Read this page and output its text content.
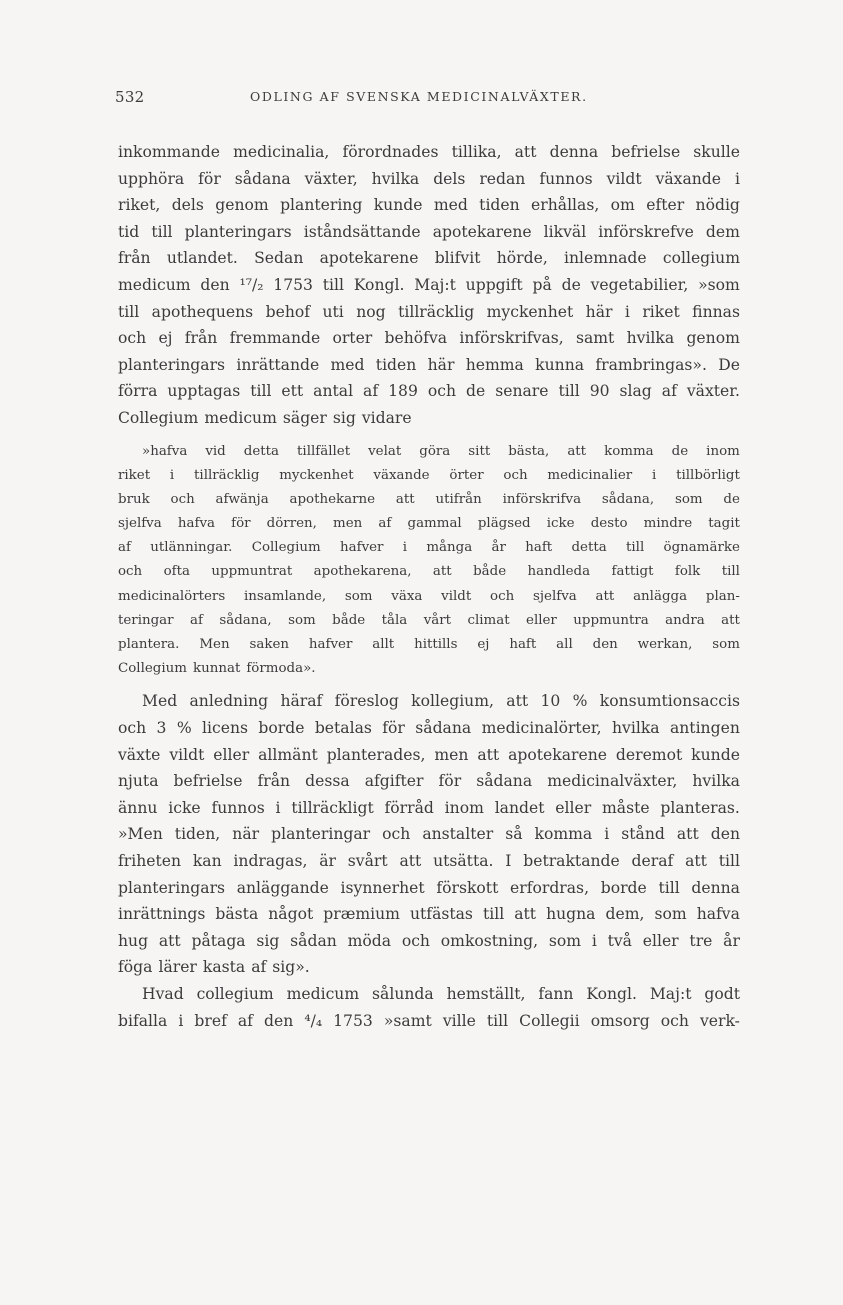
532	ODLING AF SVENSKA MEDICINALVÄXTER.
inkommande medicinalia, förordnades tillika, att denna befrielse skulle
upphöra för sådana växter, hvilka dels redan funnos vildt växande i
riket, dels genom plantering kunde med tiden erhållas, om efter nödig
tid till planteringars iståndsättande apotekarene likväl införskrefve dem
från utlandet. Sedan apotekarene blifvit hörde, inlemnade collegium
medicum den ¹⁷/₂ 1753 till Kongl. Maj:t uppgift på de vegetabilier, »som
till apothequens behof uti nog tillräcklig myckenhet här i riket finnas
och ej från fremmande orter behöfva införskrifvas, samt hvilka genom
planteringars inrättande med tiden här hemma kunna frambringas». De
förra upptagas till ett antal af 189 och de senare till 90 slag af växter.
Collegium medicum säger sig vidare
»hafva vid detta tillfället velat göra sitt bästa, att komma de inom
riket i tillräcklig myckenhet växande örter och medicinalier i tillbörligt
bruk och afwänja apothekarne att utifrån införskrifva sådana, som de
sjelfva hafva för dörren, men af gammal plägsed icke desto mindre tagit
af utlänningar. Collegium hafver i många år haft detta till ögnamärke
och ofta uppmuntrat apothekarena, att både handleda fattigt folk till
medicinalörters insamlande, som växa vildt och sjelfva att anlägga plan-
teringar af sådana, som både tåla vårt climat eller uppmuntra andra att
plantera. Men saken hafver allt hittills ej haft all den werkan, som
Collegium kunnat förmoda».
Med anledning häraf föreslog kollegium, att 10 % konsumtionsaccis
och 3 % licens borde betalas för sådana medicinalörter, hvilka antingen
växte vildt eller allmänt planterades, men att apotekarene deremot kunde
njuta befrielse från dessa afgifter för sådana medicinalväxter, hvilka
ännu icke funnos i tillräckligt förråd inom landet eller måste planteras.
»Men tiden, när planteringar och anstalter så komma i stånd att den
friheten kan indragas, är svårt att utsätta. I betraktande deraf att till
planteringars anläggande isynnerhet förskott erfordras, borde till denna
inrättnings bästa något præmium utfästas till att hugna dem, som hafva
hug att påtaga sig sådan möda och omkostning, som i två eller tre år
föga lärer kasta af sig».
Hvad collegium medicum sålunda hemställt, fann Kongl. Maj:t godt
bifalla i bref af den ⁴/₄ 1753 »samt ville till Collegii omsorg och verk-
